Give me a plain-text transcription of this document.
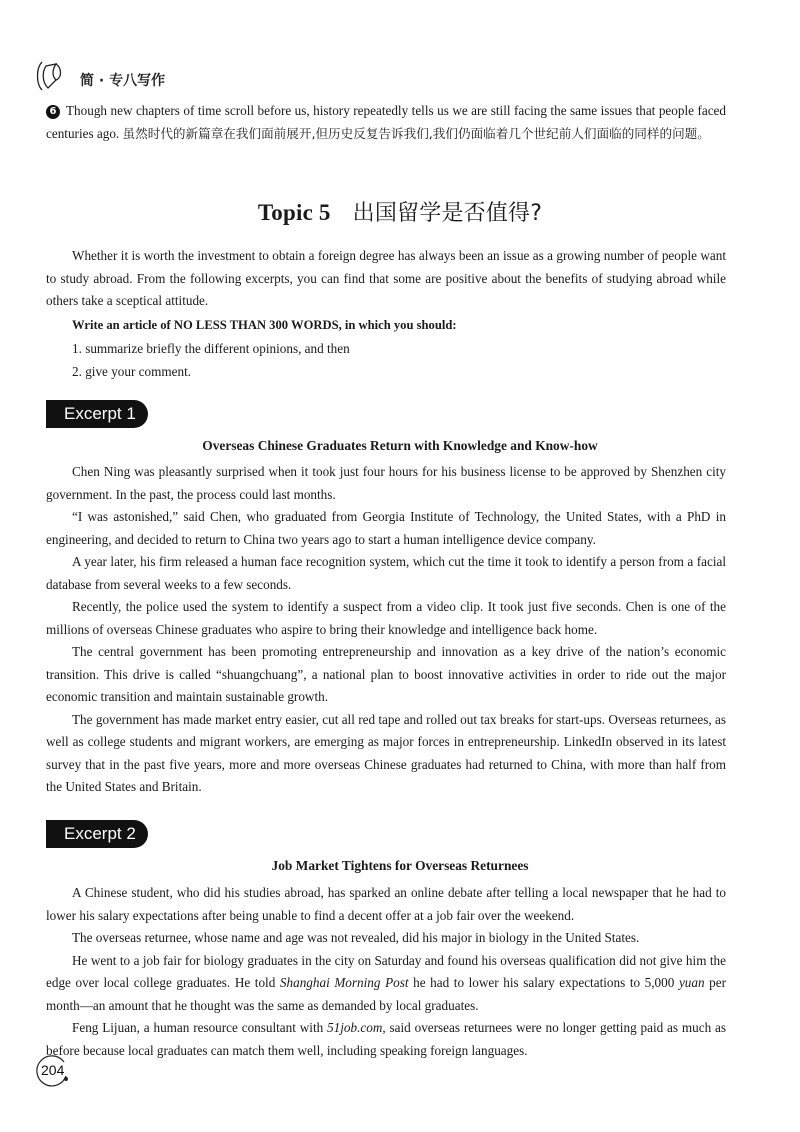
简 · 专八写作
6 Though new chapters of time scroll before us, history repeatedly tells us we are still facing the same issues that people faced centuries ago. 虽然时代的新篇章在我们面前展开,但历史反复告诉我们,我们仍面临着几个世纪前人们面临的同样的问题。
Topic 5 出国留学是否值得?
Whether it is worth the investment to obtain a foreign degree has always been an issue as a growing number of people want to study abroad. From the following excerpts, you can find that some are positive about the benefits of studying abroad while others take a sceptical attitude.
Write an article of NO LESS THAN 300 WORDS, in which you should:
1. summarize briefly the different opinions, and then
2. give your comment.
Excerpt 1
Overseas Chinese Graduates Return with Knowledge and Know-how
Chen Ning was pleasantly surprised when it took just four hours for his business license to be approved by Shenzhen city government. In the past, the process could last months.
“I was astonished,” said Chen, who graduated from Georgia Institute of Technology, the United States, with a PhD in engineering, and decided to return to China two years ago to start a human intelligence device company.
A year later, his firm released a human face recognition system, which cut the time it took to identify a person from a facial database from several weeks to a few seconds.
Recently, the police used the system to identify a suspect from a video clip. It took just five seconds. Chen is one of the millions of overseas Chinese graduates who aspire to bring their knowledge and intelligence back home.
The central government has been promoting entrepreneurship and innovation as a key drive of the nation’s economic transition. This drive is called “shuangchuang”, a national plan to boost innovative activities in order to ride out the major economic transition and maintain sustainable growth.
The government has made market entry easier, cut all red tape and rolled out tax breaks for start-ups. Overseas returnees, as well as college students and migrant workers, are emerging as major forces in entrepreneurship. LinkedIn observed in its latest survey that in the past five years, more and more overseas Chinese graduates had returned to China, with more than half from the United States and Britain.
Excerpt 2
Job Market Tightens for Overseas Returnees
A Chinese student, who did his studies abroad, has sparked an online debate after telling a local newspaper that he had to lower his salary expectations after being unable to find a decent offer at a job fair over the weekend.
The overseas returnee, whose name and age was not revealed, did his major in biology in the United States.
He went to a job fair for biology graduates in the city on Saturday and found his overseas qualification did not give him the edge over local college graduates. He told Shanghai Morning Post he had to lower his salary expectations to 5,000 yuan per month—an amount that he thought was the same as demanded by local graduates.
Feng Lijuan, a human resource consultant with 51job.com, said overseas returnees were no longer getting paid as much as before because local graduates can match them well, including speaking foreign languages.
204
